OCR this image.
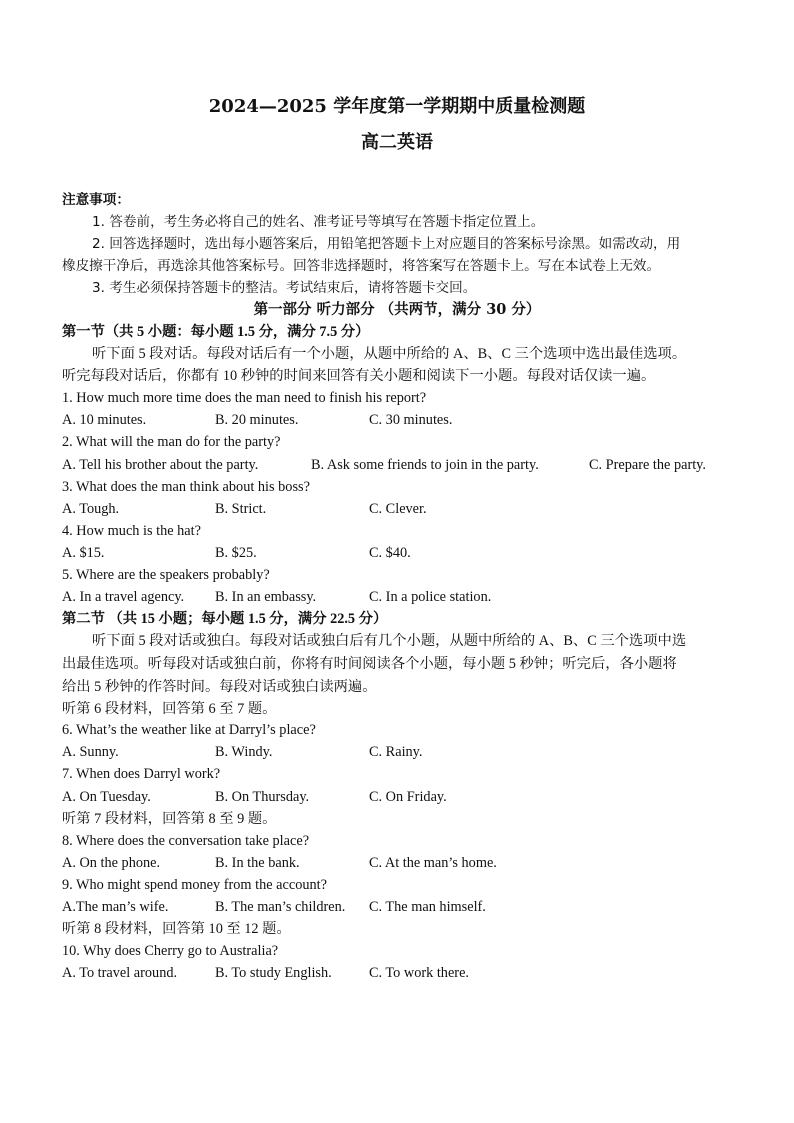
2024—2025 学年度第一学期期中质量检测题
高二英语
注意事项：
1. 答卷前，考生务必将自己的姓名、准考证号等填写在答题卡指定位置上。
2. 回答选择题时，选出每小题答案后，用铅笔把答题卡上对应题目的答案标号涂黑。如需改动，用
橡皮擦干净后，再选涂其他答案标号。回答非选择题时，将答案写在答题卡上。写在本试卷上无效。
3. 考生必须保持答题卡的整洁。考试结束后，请将答题卡交回。
第一部分 听力部分 （共两节，满分 30 分）
第一节（共 5 小题：每小题 1.5 分，满分 7.5 分）
听下面 5 段对话。每段对话后有一个小题，从题中所给的 A、B、C 三个选项中选出最佳选项。
听完每段对话后，你都有 10 秒钟的时间来回答有关小题和阅读下一小题。每段对话仅读一遍。
1. How much more time does the man need to finish his report?
A. 10 minutes.	B. 20 minutes.	C. 30 minutes.
2. What will the man do for the party?
A. Tell his brother about the party.	B. Ask some friends to join in the party.	C. Prepare the party.
3. What does the man think about his boss?
A. Tough.	B. Strict.	C. Clever.
4. How much is the hat?
A. $15.	B. $25.	C. $40.
5. Where are the speakers probably?
A. In a travel agency. B. In an embassy.	C. In a police station.
第二节 （共 15 小题；每小题 1.5 分，满分 22.5 分）
听下面 5 段对话或独白。每段对话或独白后有几个小题，从题中所给的 A、B、C 三个选项中选
出最佳选项。听每段对话或独白前，你将有时间阅读各个小题，每小题 5 秒钟；听完后，各小题将
给出 5 秒钟的作答时间。每段对话或独白读两遍。
听第 6 段材料，回答第 6 至 7 题。
6. What’s the weather like at Darryl’s place?
A. Sunny.	B. Windy.	C. Rainy.
7. When does Darryl work?
A. On Tuesday.	B. On Thursday.	C. On Friday.
听第 7 段材料，回答第 8 至 9 题。
8. Where does the conversation take place?
A. On the phone.	B. In the bank.	C. At the man’s home.
9. Who might spend money from the account?
A.The man’s wife.	B. The man’s children. C. The man himself.
听第 8 段材料，回答第 10 至 12 题。
10. Why does Cherry go to Australia?
A. To travel around.	B. To study English.	C. To work there.
